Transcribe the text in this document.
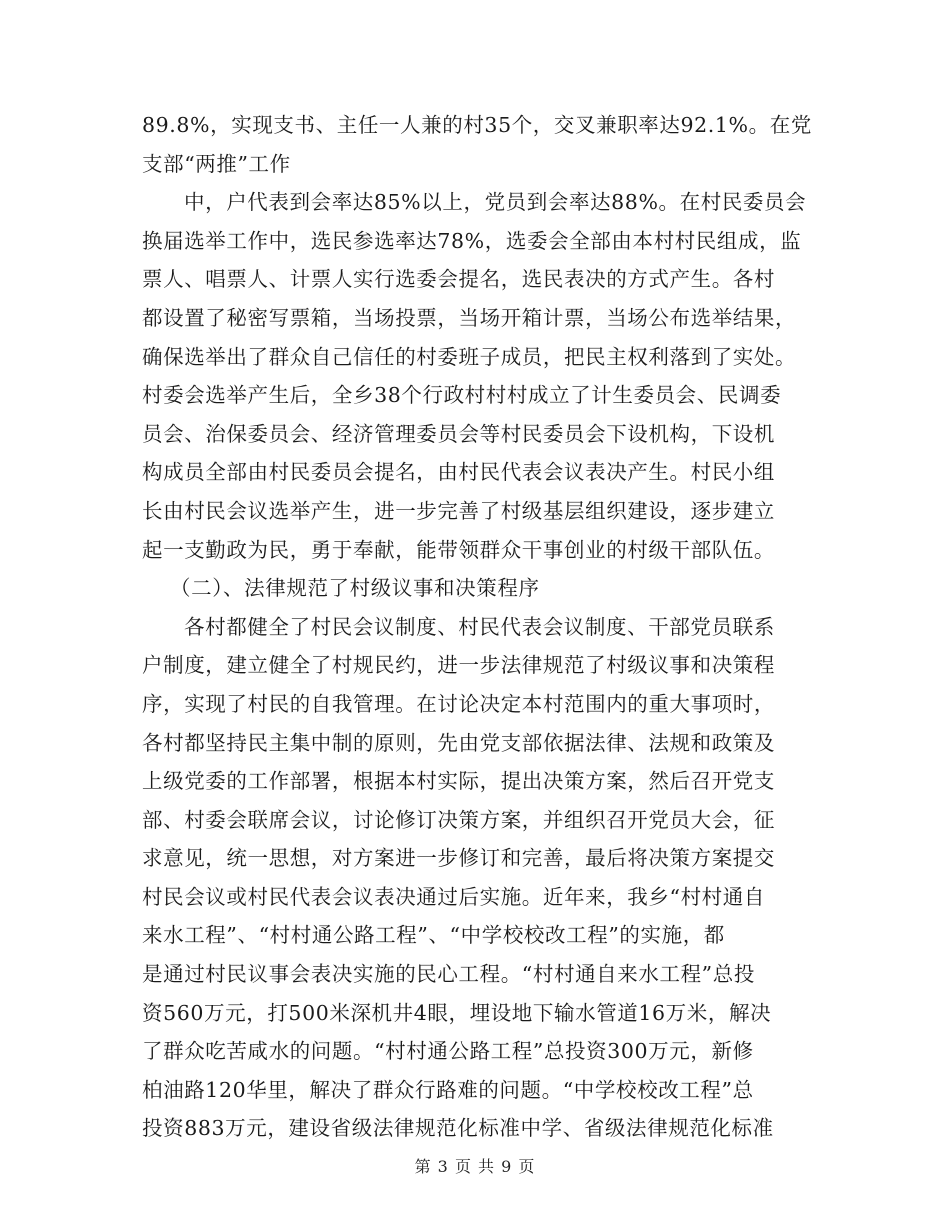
89.8%，实现支书、主任一人兼的村35个，交叉兼职率达92.1%。在党
支部“两推”工作
中，户代表到会率达85%以上，党员到会率达88%。在村民委员会
换届选举工作中，选民参选率达78%，选委会全部由本村村民组成，监
票人、唱票人、计票人实行选委会提名，选民表决的方式产生。各村
都设置了秘密写票箱，当场投票，当场开箱计票，当场公布选举结果，
确保选举出了群众自己信任的村委班子成员，把民主权利落到了实处。
村委会选举产生后，全乡38个行政村村村成立了计生委员会、民调委
员会、治保委员会、经济管理委员会等村民委员会下设机构，下设机
构成员全部由村民委员会提名，由村民代表会议表决产生。村民小组
长由村民会议选举产生，进一步完善了村级基层组织建设，逐步建立
起一支勤政为民，勇于奉献，能带领群众干事创业的村级干部队伍。
（二）、法律规范了村级议事和决策程序
各村都健全了村民会议制度、村民代表会议制度、干部党员联系
户制度，建立健全了村规民约，进一步法律规范了村级议事和决策程
序，实现了村民的自我管理。在讨论决定本村范围内的重大事项时，
各村都坚持民主集中制的原则，先由党支部依据法律、法规和政策及
上级党委的工作部署，根据本村实际，提出决策方案，然后召开党支
部、村委会联席会议，讨论修订决策方案，并组织召开党员大会，征
求意见，统一思想，对方案进一步修订和完善，最后将决策方案提交
村民会议或村民代表会议表决通过后实施。近年来，我乡“村村通自
来水工程”、“村村通公路工程”、“中学校校改工程”的实施，都
是通过村民议事会表决实施的民心工程。“村村通自来水工程”总投
资560万元，打500米深机井4眼，埋设地下输水管道16万米，解决
了群众吃苦咸水的问题。“村村通公路工程”总投资300万元，新修
柏油路120华里，解决了群众行路难的问题。“中学校校改工程”总
投资883万元，建设省级法律规范化标准中学、省级法律规范化标准
第 3 页 共 9 页
